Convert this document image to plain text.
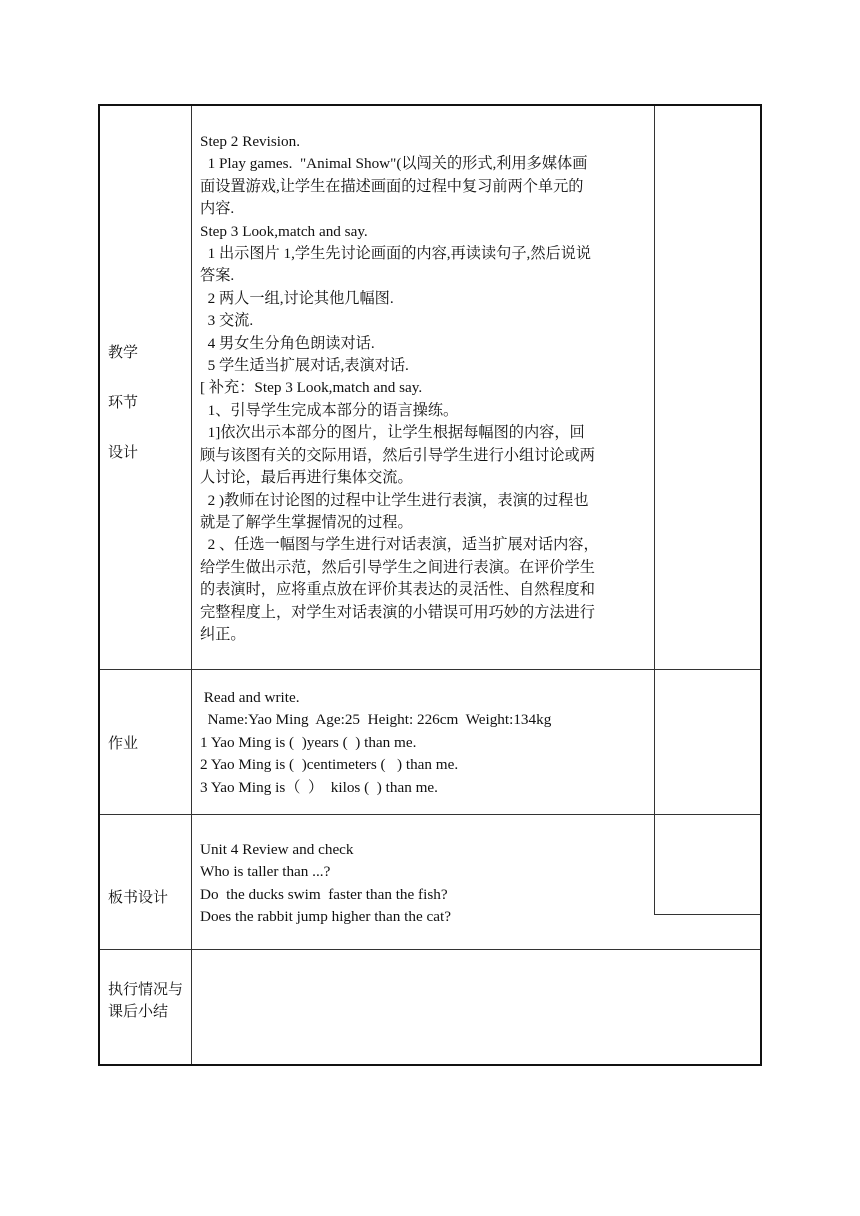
教学
环节
设计

Step 2 Revision.

1 Play games.  "Animal Show"(以闯关的形式,利用多媒体画

面设置游戏,让学生在描述画面的过程中复习前两个单元的

内容.

Step 3 Look,match and say.

1 出示图片 1,学生先讨论画面的内容,再读读句子,然后说说

答案.

2 两人一组,讨论其他几幅图.

3 交流.

4 男女生分角色朗读对话.

5 学生适当扩展对话,表演对话.

[ 补充：Step 3 Look,match and say.

1、引导学生完成本部分的语言操练。

1]依次出示本部分的图片，让学生根据每幅图的内容，回

顾与该图有关的交际用语，然后引导学生进行小组讨论或两

人讨论，最后再进行集体交流。

2 )教师在讨论图的过程中让学生进行表演，表演的过程也

就是了解学生掌握情况的过程。

2 、任选一幅图与学生进行对话表演，适当扩展对话内容，

给学生做出示范，然后引导学生之间进行表演。在评价学生

的表演时，应将重点放在评价其表达的灵活性、自然程度和

完整程度上，对学生对话表演的小错误可用巧妙的方法进行

纠正。

作业

Read and write.

Name:Yao Ming  Age:25  Height: 226cm  Weight:134kg

1 Yao Ming is (  )years (  ) than me.

2 Yao Ming is (  )centimeters (   ) than me.

3 Yao Ming is（  ）  kilos (  ) than me.

板书设计

Unit 4 Review and check

Who is taller than ...?

Do  the ducks swim  faster than the fish?

Does the rabbit jump higher than the cat?

执行情况与课后小结
